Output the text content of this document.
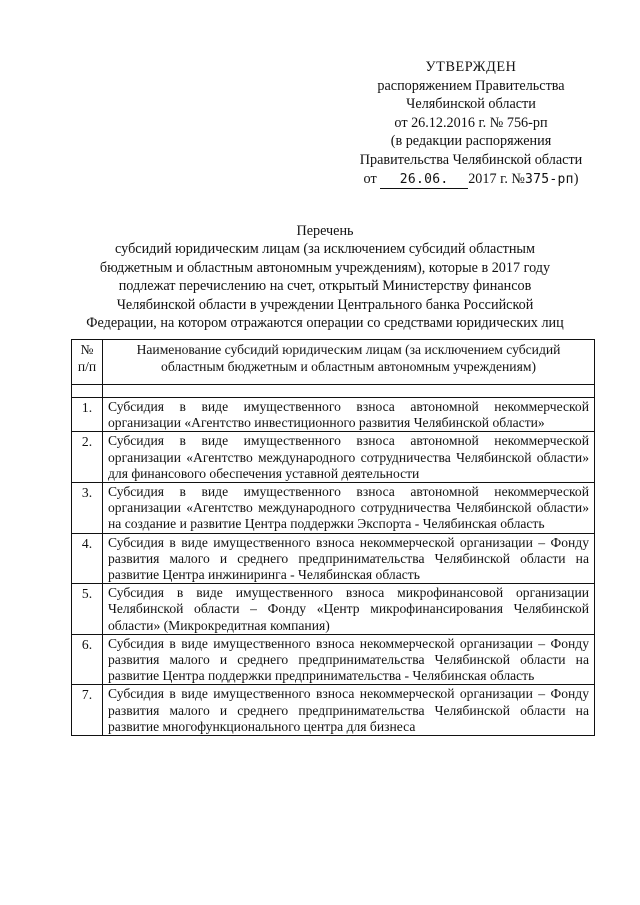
УТВЕРЖДЕН
распоряжением Правительства
Челябинской области
от 26.12.2016 г. № 756-рп
(в редакции распоряжения
Правительства Челябинской области
от 26.06. 2017 г. №375-рп)
Перечень
субсидий юридическим лицам (за исключением субсидий областным
бюджетным и областным автономным учреждениям), которые в 2017 году
подлежат перечислению на счет, открытый Министерству финансов
Челябинской области в учреждении Центрального банка Российской
Федерации, на котором отражаются операции со средствами юридических лиц
№ п/п	Наименование субсидий юридическим лицам (за исключением субсидий областным бюджетным и областным автономным учреждениям)

1.	Субсидия в виде имущественного взноса автономной некоммерческой организации «Агентство инвестиционного развития Челябинской области»
2.	Субсидия в виде имущественного взноса автономной некоммерческой организации «Агентство международного сотрудничества Челябинской области» для финансового обеспечения уставной деятельности
3.	Субсидия в виде имущественного взноса автономной некоммерческой организации «Агентство международного сотрудничества Челябинской области» на создание и развитие Центра поддержки Экспорта - Челябинская область
4.	Субсидия в виде имущественного взноса некоммерческой организации – Фонду развития малого и среднего предпринимательства Челябинской области на развитие Центра инжиниринга - Челябинская область
5.	Субсидия в виде имущественного взноса микрофинансовой организации Челябинской области – Фонду «Центр микрофинансирования Челябинской области» (Микрокредитная компания)
6.	Субсидия в виде имущественного взноса некоммерческой организации – Фонду развития малого и среднего предпринимательства Челябинской области на развитие Центра поддержки предпринимательства - Челябинская область
7.	Субсидия в виде имущественного взноса некоммерческой организации – Фонду развития малого и среднего предпринимательства Челябинской области на развитие многофункционального центра для бизнеса
